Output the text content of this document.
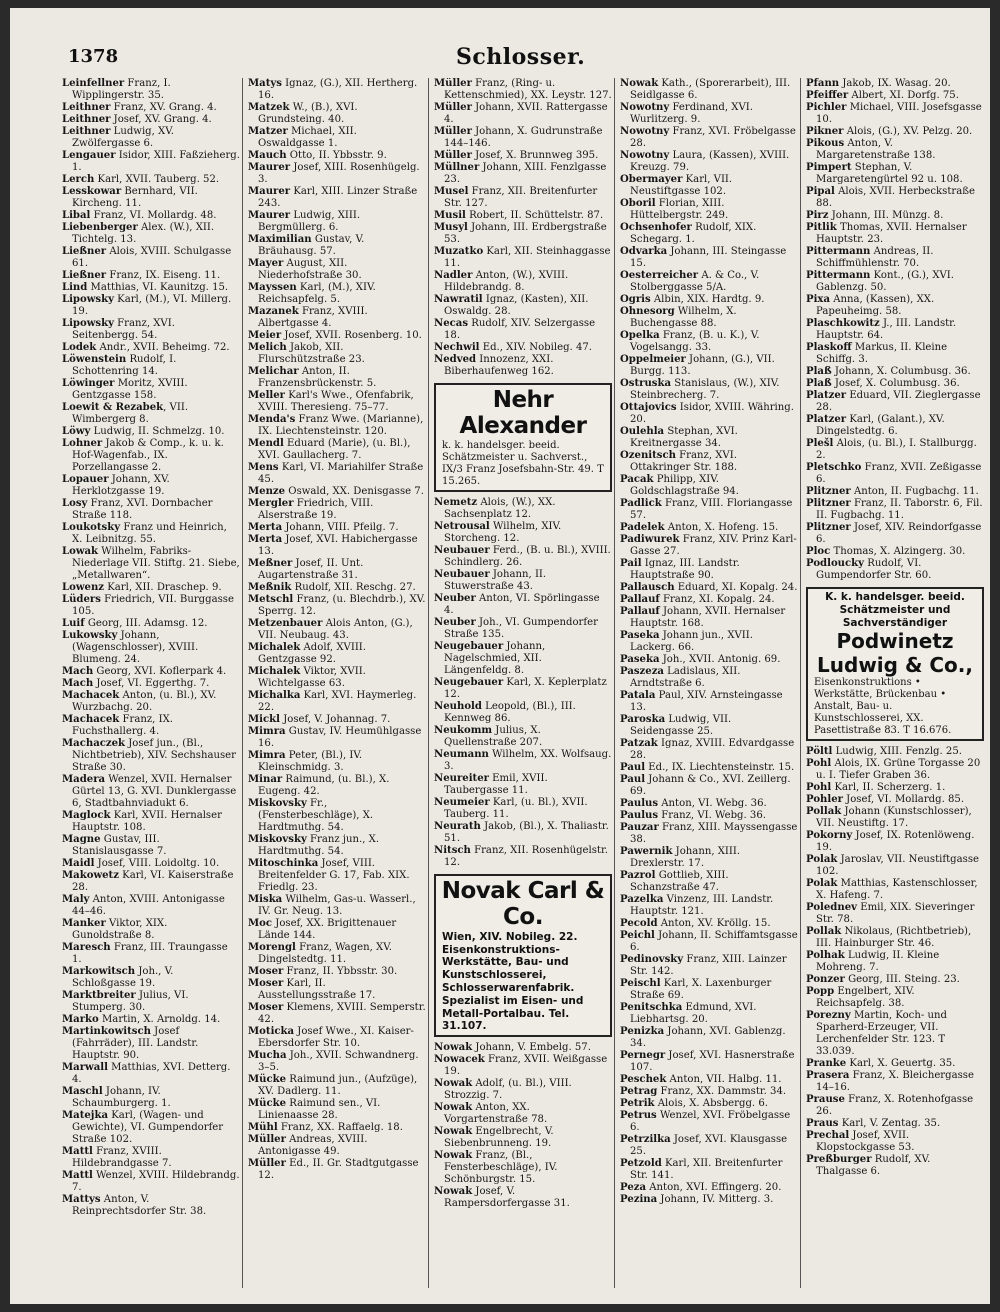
1378	Schlosser.
Leinfellner Franz, I. Wipplingerstr. 35.
Leithner Franz, XV. Grang. 4.
Leithner Josef, XV. Grang. 4.
Leithner Ludwig, XV. Zwölfergasse 6.
Lengauer Isidor, XIII. Faßzieherg. 1.
Lerch Karl, XVII. Tauberg. 52.
Lesskowar Bernhard, VII. Kircheng. 11.
Libal Franz, VI. Mollardg. 48.
Liebenberger Alex. (W.), XII. Tichtelg. 13.
Ließner Alois, XVIII. Schulgasse 61.
Ließner Franz, IX. Eiseng. 11.
Lind Matthias, VI. Kaunitzg. 15.
Lipowsky Karl, (M.), VI. Millerg. 19.
Lipowsky Franz, XVI. Seitenbergg. 54.
Lodek Andr., XVII. Beheimg. 72.
Löwenstein Rudolf, I. Schottenring 14.
Löwinger Moritz, XVIII. Gentzgasse 158.
Loewit & Rezabek, VII. Wimbergerg 8.
Löwy Ludwig, II. Schmelzg. 10.
Lohner Jakob & Comp., k. u. k. Hof-Wagenfab., IX. Porzellangasse 2.
Lopauer Johann, XV. Herklotzgasse 19.
Losy Franz, XVI. Dornbacher Straße 118.
Loukotsky Franz und Heinrich, X. Leibnitzg. 55.
Lowak Wilhelm, Fabriks-Niederlage VII. Stiftg. 21. Siebe, „Metallwaren“.
Lowenz Karl, XII. Draschep. 9.
Lüders Friedrich, VII. Burggasse 105.
Luif Georg, III. Adamsg. 12.
Lukowsky Johann, (Wagenschlosser), XVIII. Blumeng. 24.
Mach Georg, XVI. Koflerpark 4.
Mach Josef, VI. Eggerthg. 7.
Machacek Anton, (u. Bl.), XV. Wurzbachg. 20.
Machacek Franz, IX. Fuchsthallerg. 4.
Machaczek Josef jun., (Bl., Nichtbetrieb), XIV. Sechshauser Straße 30.
Madera Wenzel, XVII. Hernalser Gürtel 13, G. XVI. Dunklergasse 6, Stadtbahnviadukt 6.
Maglock Karl, XVII. Hernalser Hauptstr. 108.
Magne Gustav, III. Stanislausgasse 7.
Maidl Josef, VIII. Loidoltg. 10.
Makowetz Karl, VI. Kaiserstraße 28.
Maly Anton, XVIII. Antonigasse 44–46.
Manker Viktor, XIX. Gunoldstraße 8.
Maresch Franz, III. Traungasse 1.
Markowitsch Joh., V. Schloßgasse 19.
Marktbreiter Julius, VI. Stumperg. 30.
Marko Martin, X. Arnoldg. 14.
Martinkowitsch Josef (Fahrräder), III. Landstr. Hauptstr. 90.
Marwall Matthias, XVI. Detterg. 4.
Maschl Johann, IV. Schaumburgerg. 1.
Matejka Karl, (Wagen- und Gewichte), VI. Gumpendorfer Straße 102.
Mattl Franz, XVIII. Hildebrandgasse 7.
Mattl Wenzel, XVIII. Hildebrandg. 7.
Mattys Anton, V. Reinprechtsdorfer Str. 38.
Matys Ignaz, (G.), XII. Hertherg. 16.
Matzek W., (B.), XVI. Grundsteing. 40.
Matzer Michael, XII. Oswaldgasse 1.
Mauch Otto, II. Ybbsstr. 9.
Maurer Josef, XIII. Rosenhügelg. 3.
Maurer Karl, XIII. Linzer Straße 243.
Maurer Ludwig, XIII. Bergmüllerg. 6.
Maximilian Gustav, V. Bräuhausg. 57.
Mayer August, XII. Niederhofstraße 30.
Mayssen Karl, (M.), XIV. Reichsapfelg. 5.
Mazanek Franz, XVIII. Albertgasse 4.
Meier Josef, XVII. Rosenberg. 10.
Melich Jakob, XII. Flurschützstraße 23.
Melichar Anton, II. Franzensbrückenstr. 5.
Meller Karl's Wwe., Ofenfabrik, XVIII. Theresieng. 75–77.
Menda's Franz Wwe. (Marianne), IX. Liechtensteinstr. 120.
Mendl Eduard (Marie), (u. Bl.), XVI. Gaullacherg. 7.
Mens Karl, VI. Mariahilfer Straße 45.
Menze Oswald, XX. Denisgasse 7.
Mergler Friedrich, VIII. Alserstraße 19.
Merta Johann, VIII. Pfeilg. 7.
Merta Josef, XVI. Habichergasse 13.
Meßner Josef, II. Unt. Augartenstraße 31.
Meßnik Rudolf, XII. Reschg. 27.
Metschl Franz, (u. Blechdrb.), XV. Sperrg. 12.
Metzenbauer Alois Anton, (G.), VII. Neubaug. 43.
Michalek Adolf, XVIII. Gentzgasse 92.
Michalek Viktor, XVII. Wichtelgasse 63.
Michalka Karl, XVI. Haymerleg. 22.
Mickl Josef, V. Johannag. 7.
Mimra Gustav, IV. Heumühlgasse 16.
Mimra Peter, (Bl.), IV. Kleinschmidg. 3.
Minar Raimund, (u. Bl.), X. Eugeng. 42.
Miskovsky Fr., (Fensterbeschläge), X. Hardtmuthg. 54.
Miskovsky Franz jun., X. Hardtmuthg. 54.
Mitoschinka Josef, VIII. Breitenfelder G. 17, Fab. XIX. Friedlg. 23.
Miska Wilhelm, Gas-u. Wasserl., IV. Gr. Neug. 13.
Moc Josef, XX. Brigittenauer Lände 144.
Morengl Franz, Wagen, XV. Dingelstedtg. 11.
Moser Franz, II. Ybbsstr. 30.
Moser Karl, II. Ausstellungsstraße 17.
Moser Klemens, XVIII. Semperstr. 42.
Moticka Josef Wwe., XI. Kaiser-Ebersdorfer Str. 10.
Mucha Joh., XVII. Schwandnerg. 3–5.
Mücke Raimund jun., (Aufzüge), XV. Dadlerg. 11.
Mücke Raimund sen., VI. Linienaasse 28.
Mühl Franz, XX. Raffaelg. 18.
Müller Andreas, XVIII. Antonigasse 49.
Müller Ed., II. Gr. Stadtgutgasse 12.
Müller Franz, (Ring- u. Kettenschmied), XX. Leystr. 127.
Müller Johann, XVII. Rattergasse 4.
Müller Johann, X. Gudrunstraße 144–146.
Müller Josef, X. Brunnweg 395.
Müllner Johann, XIII. Fenzlgasse 23.
Musel Franz, XII. Breitenfurter Str. 127.
Musil Robert, II. Schüttelstr. 87.
Musyl Johann, III. Erdbergstraße 53.
Muzatko Karl, XII. Steinhaggasse 11.
Nadler Anton, (W.), XVIII. Hildebrandg. 8.
Nawratil Ignaz, (Kasten), XII. Oswaldg. 28.
Necas Rudolf, XIV. Selzergasse 18.
Nechwil Ed., XIV. Nobileg. 47.
Nedved Innozenz, XXI. Biberhaufenweg 162.
Nehr Alexander
k. k. handelsger. beeid. Schätzmeister u. Sachverst., IX/3 Franz Josefsbahn-Str. 49. T 15.265.
Nemetz Alois, (W.), XX. Sachsenplatz 12.
Netrousal Wilhelm, XIV. Storcheng. 12.
Neubauer Ferd., (B. u. Bl.), XVIII. Schindlerg. 26.
Neubauer Johann, II. Stuwerstraße 43.
Neuber Anton, VI. Spörlingasse 4.
Neuber Joh., VI. Gumpendorfer Straße 135.
Neugebauer Johann, Nagelschmied, XII. Längenfeldg. 8.
Neugebauer Karl, X. Keplerplatz 12.
Neuhold Leopold, (Bl.), III. Kennweg 86.
Neukomm Julius, X. Quellenstraße 207.
Neumann Wilhelm, XX. Wolfsaug. 3.
Neureiter Emil, XVII. Taubergasse 11.
Neumeier Karl, (u. Bl.), XVII. Tauberg. 11.
Neurath Jakob, (Bl.), X. Thaliastr. 51.
Nitsch Franz, XII. Rosenhügelstr. 12.
Novak Carl & Co.
Wien, XIV. Nobileg. 22. Eisenkonstruktions-Werkstätte, Bau- und Kunstschlosserei, Schlosserwarenfabrik. Spezialist im Eisen- und Metall-Portalbau. Tel. 31.107.
Nowak Johann, V. Embelg. 57.
Nowacek Franz, XVII. Weißgasse 19.
Nowak Adolf, (u. Bl.), VIII. Strozzig. 7.
Nowak Anton, XX. Vorgartenstraße 78.
Nowak Engelbrecht, V. Siebenbrunneng. 19.
Nowak Franz, (Bl., Fensterbeschläge), IV. Schönburgstr. 15.
Nowak Josef, V. Rampersdorfergasse 31.
Nowak Kath., (Sporerarbeit), III. Seidlgasse 6.
Nowotny Ferdinand, XVI. Wurlitzerg. 9.
Nowotny Franz, XVI. Fröbelgasse 28.
Nowotny Laura, (Kassen), XVIII. Kreuzg. 79.
Obermayer Karl, VII. Neustiftgasse 102.
Oboril Florian, XIII. Hüttelbergstr. 249.
Ochsenhofer Rudolf, XIX. Schegarg. 1.
Odvarka Johann, III. Steingasse 15.
Oesterreicher A. & Co., V. Stolberggasse 5/A.
Ogris Albin, XIX. Hardtg. 9.
Ohnesorg Wilhelm, X. Buchengasse 88.
Opelka Franz, (B. u. K.), V. Vogelsangg. 33.
Oppelmeier Johann, (G.), VII. Burgg. 113.
Ostruska Stanislaus, (W.), XIV. Steinbrecherg. 7.
Ottajovics Isidor, XVIII. Währing. 20.
Oulehla Stephan, XVI. Kreitnergasse 34.
Ozenitsch Franz, XVI. Ottakringer Str. 188.
Pacak Philipp, XIV. Goldschlagstraße 94.
Padlick Franz, VIII. Floriangasse 57.
Padelek Anton, X. Hofeng. 15.
Padiwurek Franz, XIV. Prinz Karl-Gasse 27.
Pail Ignaz, III. Landstr. Hauptstraße 90.
Pallausch Eduard, XI. Kopalg. 24.
Pallauf Franz, XI. Kopalg. 24.
Pallauf Johann, XVII. Hernalser Hauptstr. 168.
Paseka Johann jun., XVII. Lackerg. 66.
Paseka Joh., XVII. Antonig. 69.
Paszeza Ladislaus, XII. Arndtstraße 6.
Patala Paul, XIV. Arnsteingasse 13.
Paroska Ludwig, VII. Seidengasse 25.
Patzak Ignaz, XVIII. Edvardgasse 28.
Paul Ed., IX. Liechtensteinstr. 15.
Paul Johann & Co., XVI. Zeillerg. 69.
Paulus Anton, VI. Webg. 36.
Paulus Franz, VI. Webg. 36.
Pauzar Franz, XIII. Mayssengasse 38.
Pawernik Johann, XIII. Drexlerstr. 17.
Pazrol Gottlieb, XIII. Schanzstraße 47.
Pazelka Vinzenz, III. Landstr. Hauptstr. 121.
Pecold Anton, XV. Kröllg. 15.
Peichl Johann, II. Schiffamtsgasse 6.
Pedinovsky Franz, XIII. Lainzer Str. 142.
Peischl Karl, X. Laxenburger Straße 69.
Penitschka Edmund, XVI. Liebhartsg. 20.
Penizka Johann, XVI. Gablenzg. 34.
Pernegr Josef, XVI. Hasnerstraße 107.
Peschek Anton, VII. Halbg. 11.
Petrag Franz, XX. Dammstr. 34.
Petrik Alois, X. Absbergg. 6.
Petrus Wenzel, XVI. Fröbelgasse 6.
Petrzilka Josef, XVI. Klausgasse 25.
Petzold Karl, XII. Breitenfurter Str. 141.
Peza Anton, XVI. Effingerg. 20.
Pezina Johann, IV. Mitterg. 3.
Pfann Jakob, IX. Wasag. 20.
Pfeiffer Albert, XI. Dorfg. 75.
Pichler Michael, VIII. Josefsgasse 10.
Pikner Alois, (G.), XV. Pelzg. 20.
Pikous Anton, V. Margaretenstraße 138.
Pimpert Stephan, V. Margaretengürtel 92 u. 108.
Pipal Alois, XVII. Herbeckstraße 88.
Pirz Johann, III. Münzg. 8.
Pitlik Thomas, XVII. Hernalser Hauptstr. 23.
Pittermann Andreas, II. Schiffmühlenstr. 70.
Pittermann Kont., (G.), XVI. Gablenzg. 50.
Pixa Anna, (Kassen), XX. Papeuheimg. 58.
Plaschkowitz J., III. Landstr. Hauptstr. 64.
Plaskoff Markus, II. Kleine Schiffg. 3.
Plaß Johann, X. Columbusg. 36.
Plaß Josef, X. Columbusg. 36.
Platzer Eduard, VII. Zieglergasse 28.
Platzer Karl, (Galant.), XV. Dingelstedtg. 6.
Plešl Alois, (u. Bl.), I. Stallburgg. 2.
Pletschko Franz, XVII. Zeßigasse 6.
Plitzner Anton, II. Fugbachg. 11.
Plitzner Franz, II. Taborstr. 6, Fil. II. Fugbachg. 11.
Plitzner Josef, XIV. Reindorfgasse 6.
Ploc Thomas, X. Alzingerg. 30.
Podloucky Rudolf, VI. Gumpendorfer Str. 60.
K. k. handelsger. beeid. Schätzmeister und Sachverständiger
Podwinetz Ludwig & Co.,
Eisenkonstruktions • Werkstätte, Brückenbau • Anstalt, Bau- u. Kunstschlosserei, XX. Pasettistraße 83. T 16.676.
Pöltl Ludwig, XIII. Fenzlg. 25.
Pohl Alois, IX. Grüne Torgasse 20 u. I. Tiefer Graben 36.
Pohl Karl, II. Scherzerg. 1.
Pohler Josef, VI. Mollardg. 85.
Pollak Johann (Kunstschlosser), VII. Neustiftg. 17.
Pokorny Josef, IX. Rotenlöweng. 19.
Polak Jaroslav, VII. Neustiftgasse 102.
Polak Matthias, Kastenschlosser, X. Hafeng. 7.
Polednev Emil, XIX. Sieveringer Str. 78.
Pollak Nikolaus, (Richtbetrieb), III. Hainburger Str. 46.
Polhak Ludwig, II. Kleine Mohreng. 7.
Ponzer Georg, III. Steing. 23.
Popp Engelbert, XIV. Reichsapfelg. 38.
Porezny Martin, Koch- und Sparherd-Erzeuger, VII. Lerchenfelder Str. 123. T 33.039.
Pranke Karl, X. Geuertg. 35.
Prasera Franz, X. Bleichergasse 14–16.
Prause Franz, X. Rotenhofgasse 26.
Praus Karl, V. Zentag. 35.
Prechal Josef, XVII. Klopstockgasse 53.
Preßburger Rudolf, XV. Thalgasse 6.
